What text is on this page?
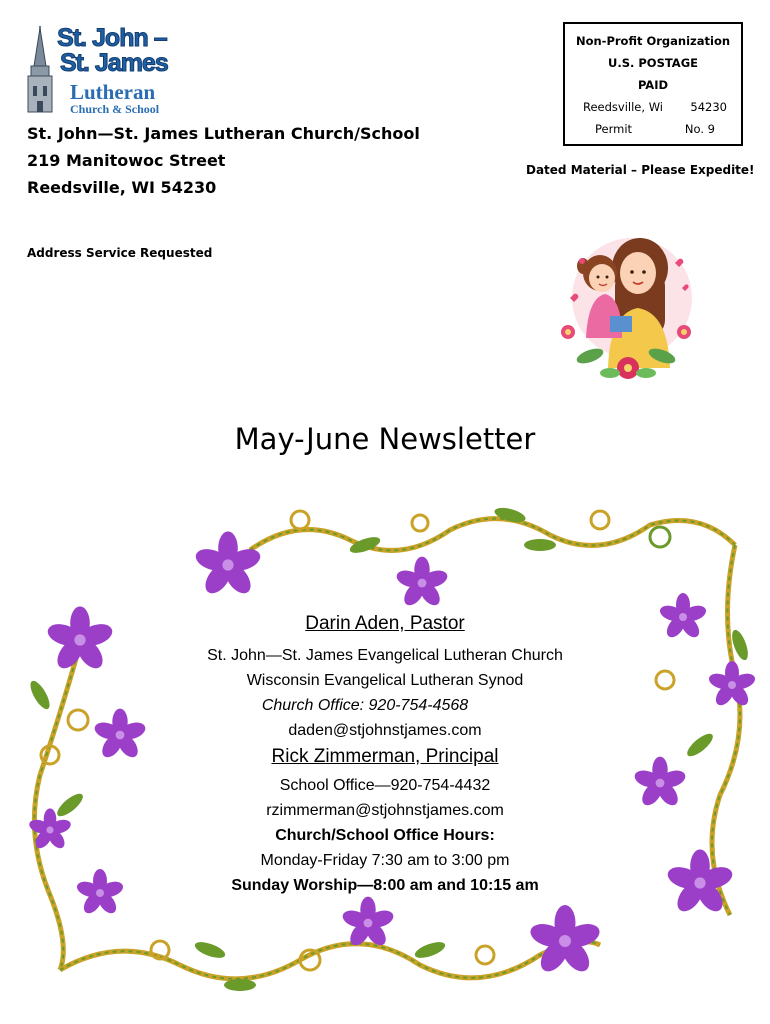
St. John –
St. James
Lutheran
Church & School
St. John—St. James Lutheran Church/School
219 Manitowoc Street
Reedsville, WI 54230
Address Service Requested
Non-Profit Organization
U.S. POSTAGE
PAID
Reedsville, Wi 54230
Permit	No. 9
Dated Material – Please Expedite!
May-June Newsletter
Darin Aden, Pastor
St. John—St. James Evangelical Lutheran Church
Wisconsin Evangelical Lutheran Synod
Church Office: 920-754-4568
daden@stjohnstjames.com
Rick Zimmerman, Principal
School Office—920-754-4432
rzimmerman@stjohnstjames.com
Church/School Office Hours:
Monday-Friday 7:30 am to 3:00 pm
Sunday Worship—8:00 am and 10:15 am
